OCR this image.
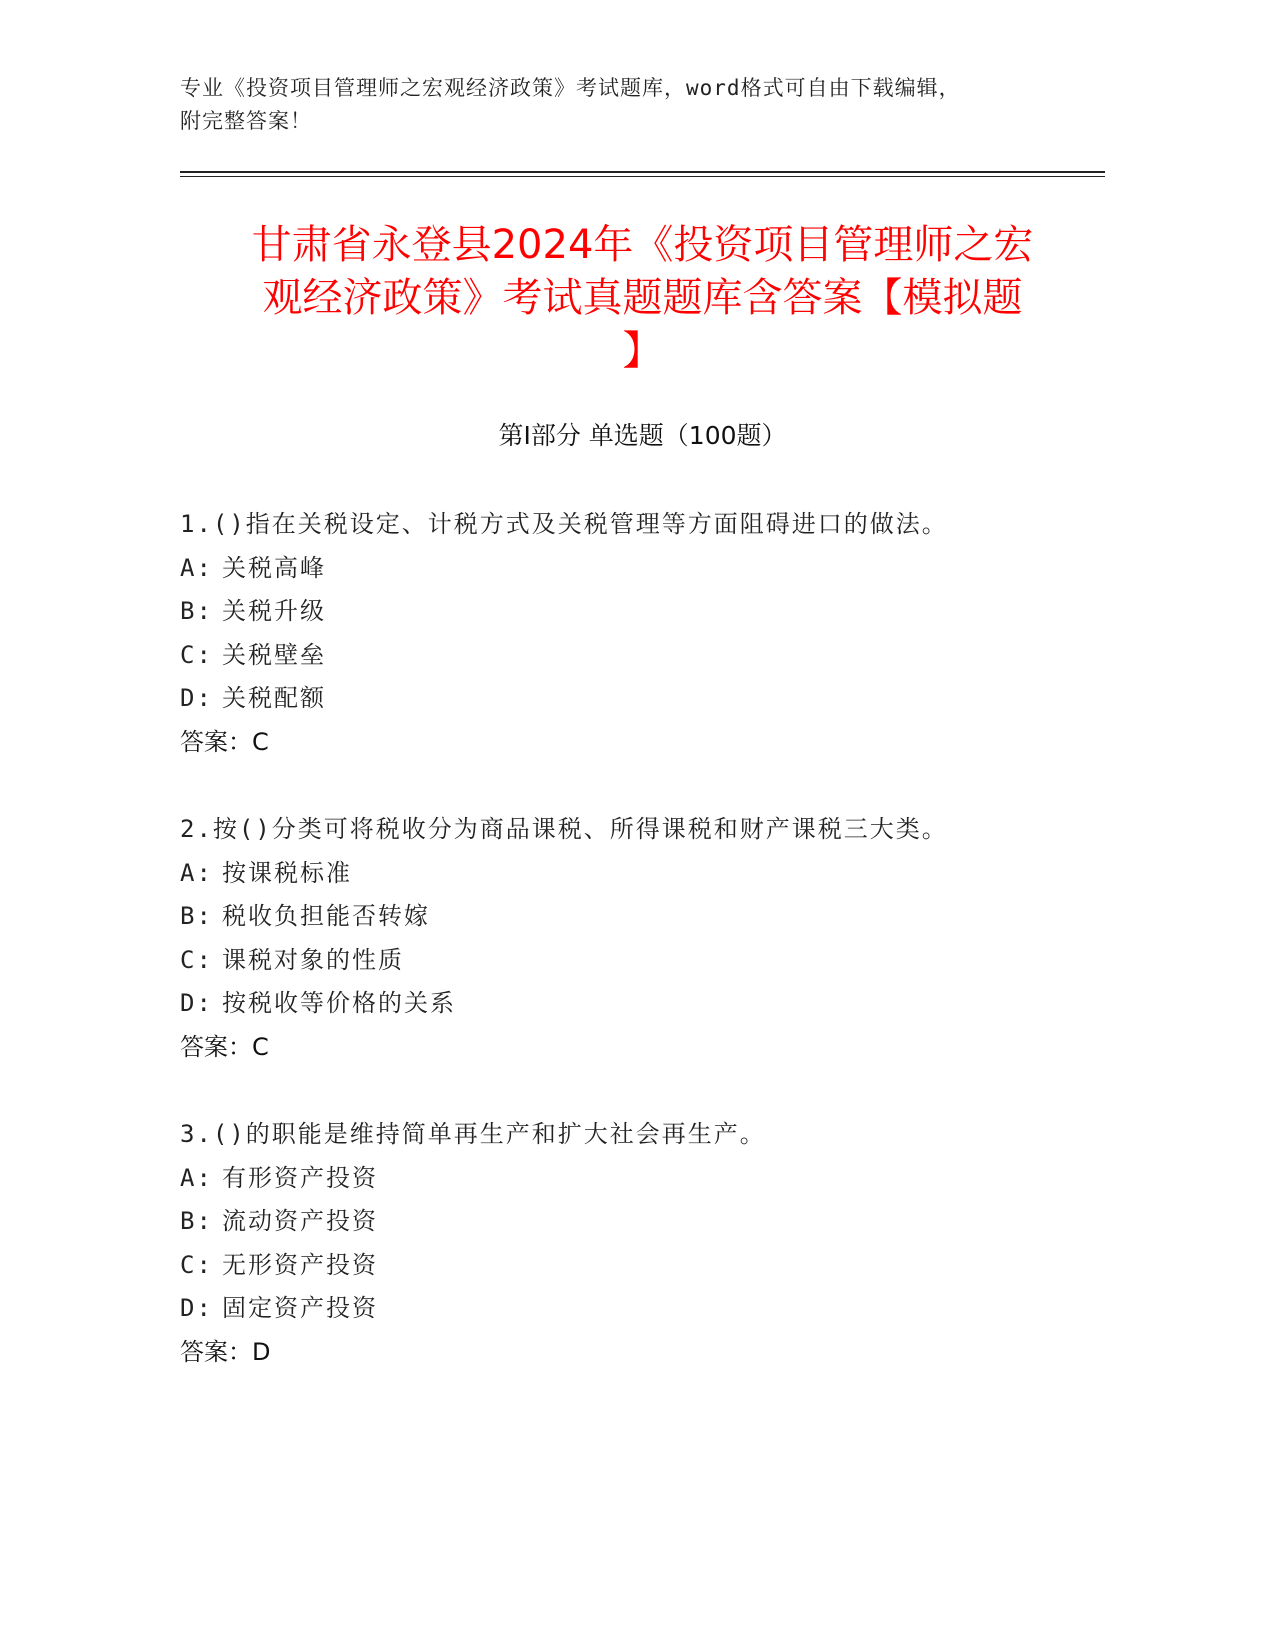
专业《投资项目管理师之宏观经济政策》考试题库，word格式可自由下载编辑，
附完整答案！
甘肃省永登县2024年《投资项目管理师之宏
观经济政策》考试真题题库含答案【模拟题
】
第Ⅰ部分 单选题（100题）
1.()指在关税设定、计税方式及关税管理等方面阻碍进口的做法。
A: 关税高峰
B: 关税升级
C: 关税壁垒
D: 关税配额
答案：C
2.按()分类可将税收分为商品课税、所得课税和财产课税三大类。
A: 按课税标准
B: 税收负担能否转嫁
C: 课税对象的性质
D: 按税收等价格的关系
答案：C
3.()的职能是维持简单再生产和扩大社会再生产。
A: 有形资产投资
B: 流动资产投资
C: 无形资产投资
D: 固定资产投资
答案：D
